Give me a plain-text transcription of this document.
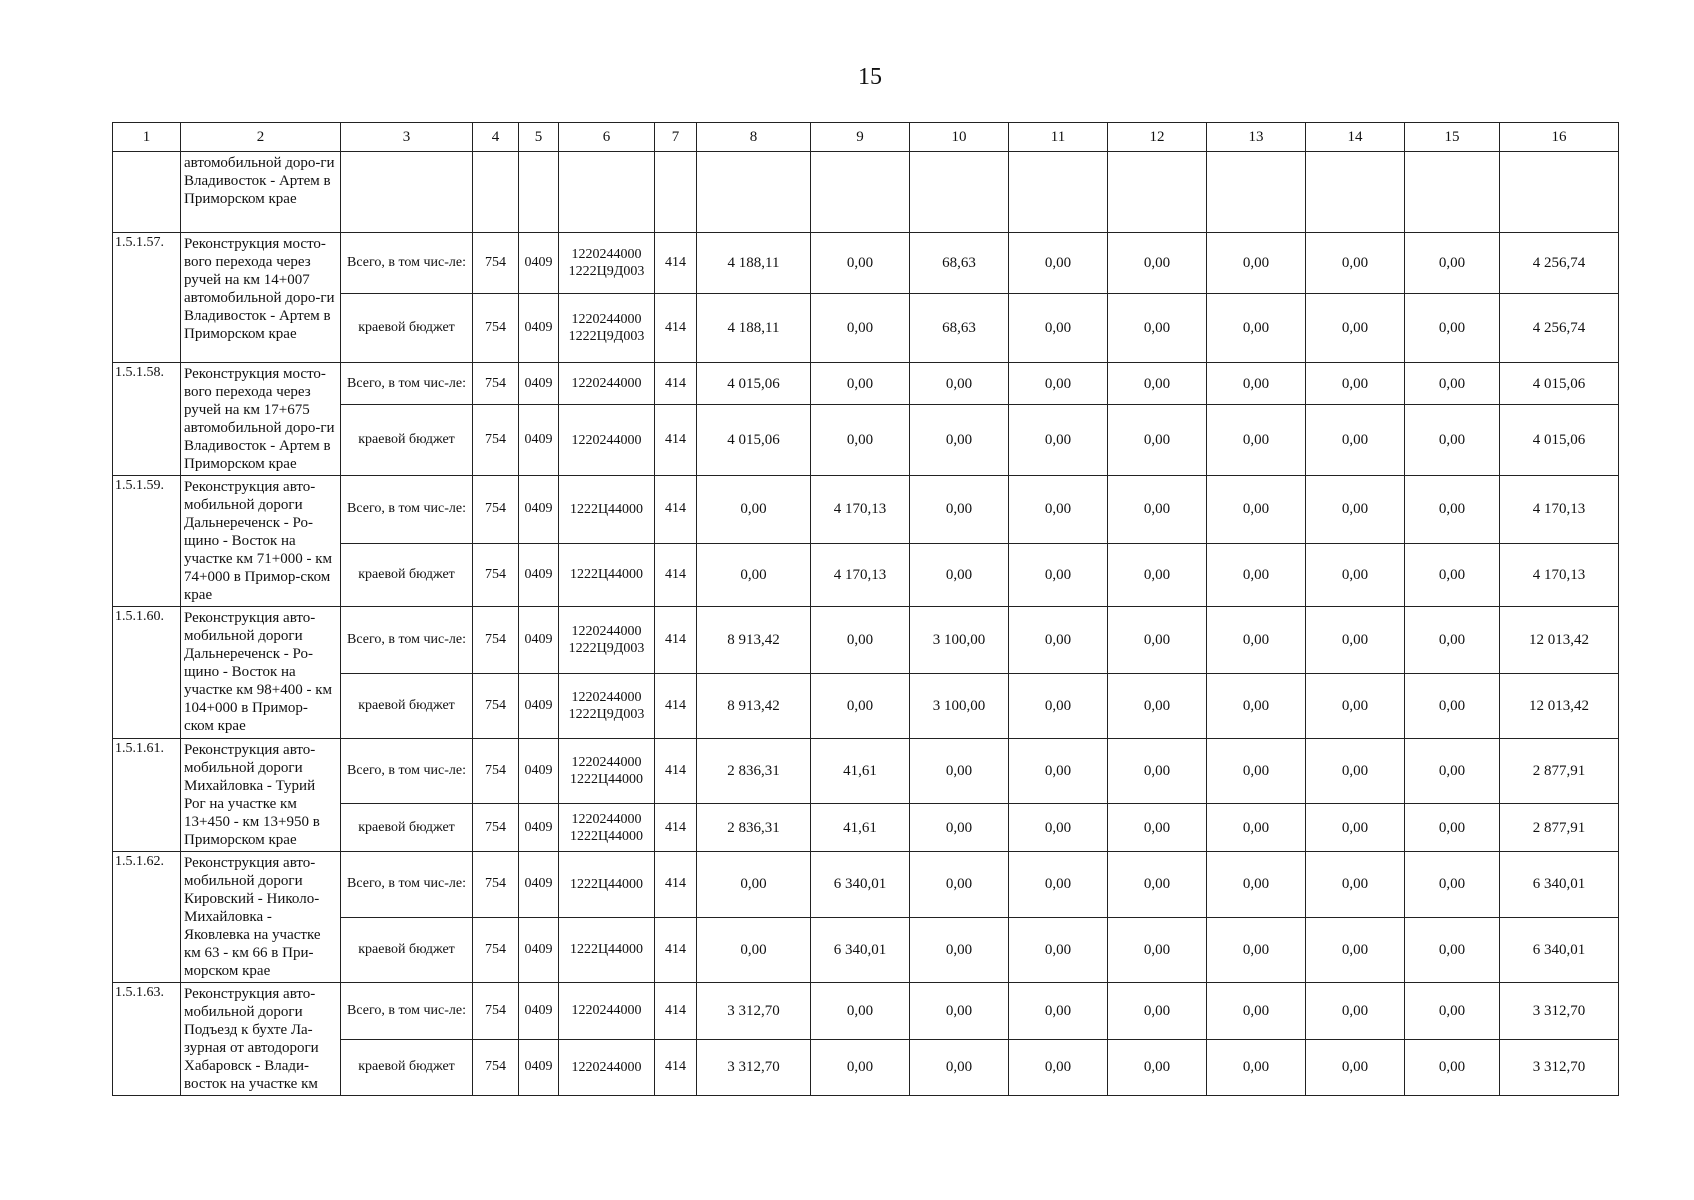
15
1	2	3	4	5	6	7	8	9	10	11	12	13	14	15	16
	автомобильной доро-ги Владивосток - Артем в Приморском крае														
1.5.1.57.	Реконструкция мосто-вого перехода через ручей на км 14+007 автомобильной доро-ги Владивосток - Артем в Приморском крае	Всего, в том чис-ле:	754	0409	1220244000 1222Ц9Д003	414	4 188,11	0,00	68,63	0,00	0,00	0,00	0,00	0,00	4 256,74
		краевой бюджет	754	0409	1220244000 1222Ц9Д003	414	4 188,11	0,00	68,63	0,00	0,00	0,00	0,00	0,00	4 256,74
1.5.1.58.	Реконструкция мосто-вого перехода через ручей на км 17+675 автомобильной доро-ги Владивосток - Артем в Приморском крае	Всего, в том чис-ле:	754	0409	1220244000	414	4 015,06	0,00	0,00	0,00	0,00	0,00	0,00	0,00	4 015,06
		краевой бюджет	754	0409	1220244000	414	4 015,06	0,00	0,00	0,00	0,00	0,00	0,00	0,00	4 015,06
1.5.1.59.	Реконструкция авто-мобильной дороги Дальнереченск - Ро-щино - Восток на участке км 71+000 - км 74+000 в Примор-ском крае	Всего, в том чис-ле:	754	0409	1222Ц44000	414	0,00	4 170,13	0,00	0,00	0,00	0,00	0,00	0,00	4 170,13
		краевой бюджет	754	0409	1222Ц44000	414	0,00	4 170,13	0,00	0,00	0,00	0,00	0,00	0,00	4 170,13
1.5.1.60.	Реконструкция авто-мобильной дороги Дальнереченск - Ро-щино - Восток на участке км 98+400 - км 104+000 в Примор-ском крае	Всего, в том чис-ле:	754	0409	1220244000 1222Ц9Д003	414	8 913,42	0,00	3 100,00	0,00	0,00	0,00	0,00	0,00	12 013,42
		краевой бюджет	754	0409	1220244000 1222Ц9Д003	414	8 913,42	0,00	3 100,00	0,00	0,00	0,00	0,00	0,00	12 013,42
1.5.1.61.	Реконструкция авто-мобильной дороги Михайловка - Турий Рог на участке км 13+450 - км 13+950 в Приморском крае	Всего, в том чис-ле:	754	0409	1220244000 1222Ц44000	414	2 836,31	41,61	0,00	0,00	0,00	0,00	0,00	0,00	2 877,91
		краевой бюджет	754	0409	1220244000 1222Ц44000	414	2 836,31	41,61	0,00	0,00	0,00	0,00	0,00	0,00	2 877,91
1.5.1.62.	Реконструкция авто-мобильной дороги Кировский - Николо-Михайловка - Яковлевка на участке км 63 - км 66 в При-морском крае	Всего, в том чис-ле:	754	0409	1222Ц44000	414	0,00	6 340,01	0,00	0,00	0,00	0,00	0,00	0,00	6 340,01
		краевой бюджет	754	0409	1222Ц44000	414	0,00	6 340,01	0,00	0,00	0,00	0,00	0,00	0,00	6 340,01
1.5.1.63.	Реконструкция авто-мобильной дороги Подъезд к бухте Ла-зурная от автодороги Хабаровск - Влади-восток на участке км	Всего, в том чис-ле:	754	0409	1220244000	414	3 312,70	0,00	0,00	0,00	0,00	0,00	0,00	0,00	3 312,70
		краевой бюджет	754	0409	1220244000	414	3 312,70	0,00	0,00	0,00	0,00	0,00	0,00	0,00	3 312,70
